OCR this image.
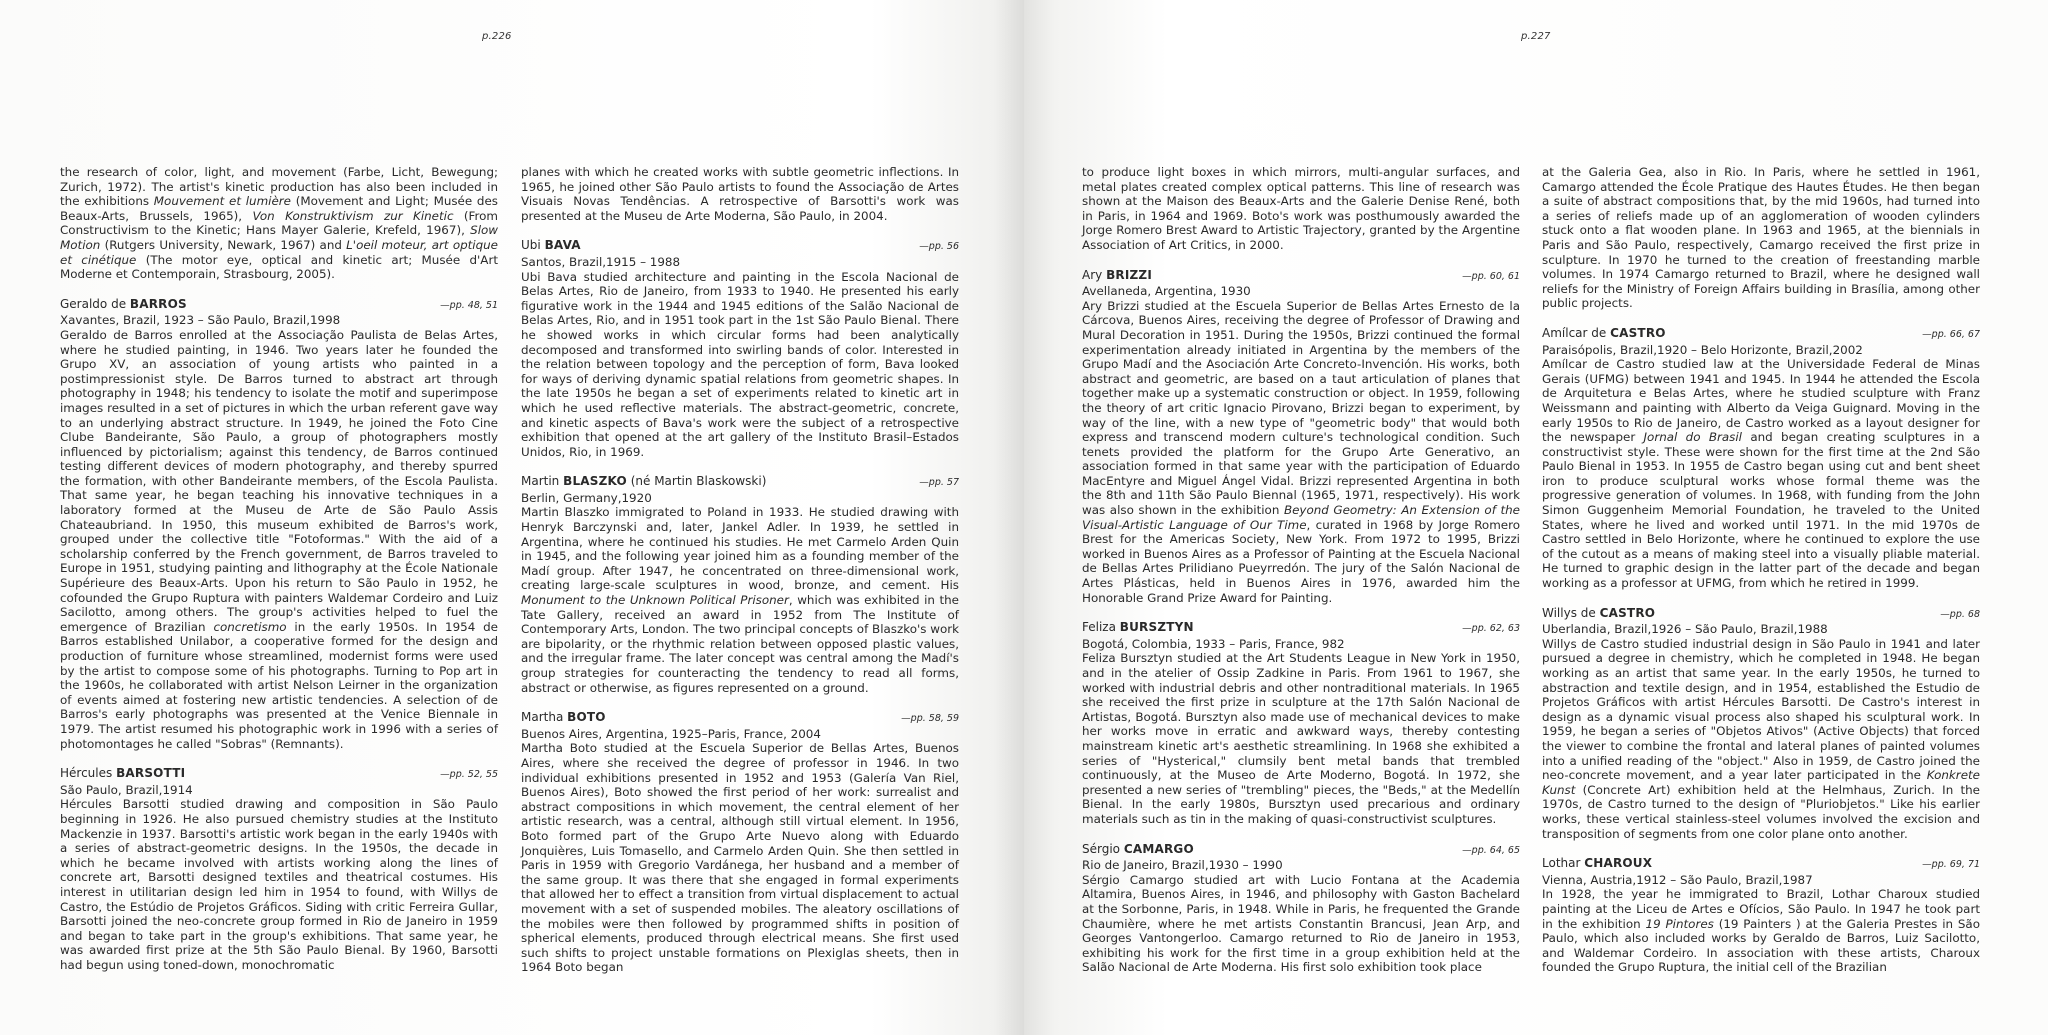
p.226

the research of color, light, and movement (Farbe, Licht, Bewegung; Zurich, 1972). The artist's kinetic production has also been included in the exhibitions Mouvement et lumière (Movement and Light; Musée des Beaux-Arts, Brussels, 1965), Von Konstruktivism zur Kinetic (From Constructivism to the Kinetic; Hans Mayer Galerie, Krefeld, 1967), Slow Motion (Rutgers University, Newark, 1967) and L'oeil moteur, art optique et cinétique (The motor eye, optical and kinetic art; Musée d'Art Moderne et Contemporain, Strasbourg, 2005).

Geraldo de BARROS	—pp. 48, 51

Xavantes, Brazil, 1923 – São Paulo, Brazil,1998

Geraldo de Barros enrolled at the Associação Paulista de Belas Artes, where he studied painting, in 1946. Two years later he founded the Grupo XV, an association of young artists who painted in a postimpressionist style. De Barros turned to abstract art through photography in 1948; his tendency to isolate the motif and superimpose images resulted in a set of pictures in which the urban referent gave way to an underlying abstract structure. In 1949, he joined the Foto Cine Clube Bandeirante, São Paulo, a group of photographers mostly influenced by pictorialism; against this tendency, de Barros continued testing different devices of modern photography, and thereby spurred the formation, with other Bandeirante members, of the Escola Paulista. That same year, he began teaching his innovative techniques in a laboratory formed at the Museu de Arte de São Paulo Assis Chateaubriand. In 1950, this museum exhibited de Barros's work, grouped under the collective title "Fotoformas." With the aid of a scholarship conferred by the French government, de Barros traveled to Europe in 1951, studying painting and lithography at the École Nationale Supérieure des Beaux-Arts. Upon his return to São Paulo in 1952, he cofounded the Grupo Ruptura with painters Waldemar Cordeiro and Luiz Sacilotto, among others. The group's activities helped to fuel the emergence of Brazilian concretismo in the early 1950s. In 1954 de Barros established Unilabor, a cooperative formed for the design and production of furniture whose streamlined, modernist forms were used by the artist to compose some of his photographs. Turning to Pop art in the 1960s, he collaborated with artist Nelson Leirner in the organization of events aimed at fostering new artistic tendencies. A selection of de Barros's early photographs was presented at the Venice Biennale in 1979. The artist resumed his photographic work in 1996 with a series of photomontages he called "Sobras" (Remnants).

Hércules BARSOTTI	—pp. 52, 55

São Paulo, Brazil,1914

Hércules Barsotti studied drawing and composition in São Paulo beginning in 1926. He also pursued chemistry studies at the Instituto Mackenzie in 1937. Barsotti's artistic work began in the early 1940s with a series of abstract-geometric designs. In the 1950s, the decade in which he became involved with artists working along the lines of concrete art, Barsotti designed textiles and theatrical costumes. His interest in utilitarian design led him in 1954 to found, with Willys de Castro, the Estúdio de Projetos Gráficos. Siding with critic Ferreira Gullar, Barsotti joined the neo-concrete group formed in Rio de Janeiro in 1959 and began to take part in the group's exhibitions. That same year, he was awarded first prize at the 5th São Paulo Bienal. By 1960, Barsotti had begun using toned-down, monochromatic

planes with which he created works with subtle geometric inflections. In 1965, he joined other São Paulo artists to found the Associação de Artes Visuais Novas Tendências. A retrospective of Barsotti's work was presented at the Museu de Arte Moderna, São Paulo, in 2004.

Ubi BAVA	—pp. 56

Santos, Brazil,1915 – 1988

Ubi Bava studied architecture and painting in the Escola Nacional de Belas Artes, Rio de Janeiro, from 1933 to 1940. He presented his early figurative work in the 1944 and 1945 editions of the Salão Nacional de Belas Artes, Rio, and in 1951 took part in the 1st São Paulo Bienal. There he showed works in which circular forms had been analytically decomposed and transformed into swirling bands of color. Interested in the relation between topology and the perception of form, Bava looked for ways of deriving dynamic spatial relations from geometric shapes. In the late 1950s he began a set of experiments related to kinetic art in which he used reflective materials. The abstract-geometric, concrete, and kinetic aspects of Bava's work were the subject of a retrospective exhibition that opened at the art gallery of the Instituto Brasil–Estados Unidos, Rio, in 1969.

Martin BLASZKO (né Martin Blaskowski)	—pp. 57

Berlin, Germany,1920

Martin Blaszko immigrated to Poland in 1933. He studied drawing with Henryk Barczynski and, later, Jankel Adler. In 1939, he settled in Argentina, where he continued his studies. He met Carmelo Arden Quin in 1945, and the following year joined him as a founding member of the Madí group. After 1947, he concentrated on three-dimensional work, creating large-scale sculptures in wood, bronze, and cement. His Monument to the Unknown Political Prisoner, which was exhibited in the Tate Gallery, received an award in 1952 from The Institute of Contemporary Arts, London. The two principal concepts of Blaszko's work are bipolarity, or the rhythmic relation between opposed plastic values, and the irregular frame. The later concept was central among the Madí's group strategies for counteracting the tendency to read all forms, abstract or otherwise, as figures represented on a ground.

Martha BOTO	—pp. 58, 59

Buenos Aires, Argentina, 1925–Paris, France, 2004

Martha Boto studied at the Escuela Superior de Bellas Artes, Buenos Aires, where she received the degree of professor in 1946. In two individual exhibitions presented in 1952 and 1953 (Galería Van Riel, Buenos Aires), Boto showed the first period of her work: surrealist and abstract compositions in which movement, the central element of her artistic research, was a central, although still virtual element. In 1956, Boto formed part of the Grupo Arte Nuevo along with Eduardo Jonquières, Luis Tomasello, and Carmelo Arden Quin. She then settled in Paris in 1959 with Gregorio Vardánega, her husband and a member of the same group. It was there that she engaged in formal experiments that allowed her to effect a transition from virtual displacement to actual movement with a set of suspended mobiles. The aleatory oscillations of the mobiles were then followed by programmed shifts in position of spherical elements, produced through electrical means. She first used such shifts to project unstable formations on Plexiglas sheets, then in 1964 Boto began

p.227

to produce light boxes in which mirrors, multi-angular surfaces, and metal plates created complex optical patterns. This line of research was shown at the Maison des Beaux-Arts and the Galerie Denise René, both in Paris, in 1964 and 1969. Boto's work was posthumously awarded the Jorge Romero Brest Award to Artistic Trajectory, granted by the Argentine Association of Art Critics, in 2000.

Ary BRIZZI	—pp. 60, 61

Avellaneda, Argentina, 1930

Ary Brizzi studied at the Escuela Superior de Bellas Artes Ernesto de la Cárcova, Buenos Aires, receiving the degree of Professor of Drawing and Mural Decoration in 1951. During the 1950s, Brizzi continued the formal experimentation already initiated in Argentina by the members of the Grupo Madí and the Asociación Arte Concreto-Invención. His works, both abstract and geometric, are based on a taut articulation of planes that together make up a systematic construction or object. In 1959, following the theory of art critic Ignacio Pirovano, Brizzi began to experiment, by way of the line, with a new type of "geometric body" that would both express and transcend modern culture's technological condition. Such tenets provided the platform for the Grupo Arte Generativo, an association formed in that same year with the participation of Eduardo MacEntyre and Miguel Ángel Vidal. Brizzi represented Argentina in both the 8th and 11th São Paulo Biennal (1965, 1971, respectively). His work was also shown in the exhibition Beyond Geometry: An Extension of the Visual-Artistic Language of Our Time, curated in 1968 by Jorge Romero Brest for the Americas Society, New York. From 1972 to 1995, Brizzi worked in Buenos Aires as a Professor of Painting at the Escuela Nacional de Bellas Artes Prilidiano Pueyrredón. The jury of the Salón Nacional de Artes Plásticas, held in Buenos Aires in 1976, awarded him the Honorable Grand Prize Award for Painting.

Feliza BURSZTYN	—pp. 62, 63

Bogotá, Colombia, 1933 – Paris, France, 982

Feliza Bursztyn studied at the Art Students League in New York in 1950, and in the atelier of Ossip Zadkine in Paris. From 1961 to 1967, she worked with industrial debris and other nontraditional materials. In 1965 she received the first prize in sculpture at the 17th Salón Nacional de Artistas, Bogotá. Bursztyn also made use of mechanical devices to make her works move in erratic and awkward ways, thereby contesting mainstream kinetic art's aesthetic streamlining. In 1968 she exhibited a series of "Hysterical," clumsily bent metal bands that trembled continuously, at the Museo de Arte Moderno, Bogotá. In 1972, she presented a new series of "trembling" pieces, the "Beds," at the Medellín Bienal. In the early 1980s, Bursztyn used precarious and ordinary materials such as tin in the making of quasi-constructivist sculptures.

Sérgio CAMARGO	—pp. 64, 65

Rio de Janeiro, Brazil,1930 – 1990

Sérgio Camargo studied art with Lucio Fontana at the Academia Altamira, Buenos Aires, in 1946, and philosophy with Gaston Bachelard at the Sorbonne, Paris, in 1948. While in Paris, he frequented the Grande Chaumière, where he met artists Constantin Brancusi, Jean Arp, and Georges Vantongerloo. Camargo returned to Rio de Janeiro in 1953, exhibiting his work for the first time in a group exhibition held at the Salão Nacional de Arte Moderna. His first solo exhibition took place

at the Galeria Gea, also in Rio. In Paris, where he settled in 1961, Camargo attended the École Pratique des Hautes Études. He then began a suite of abstract compositions that, by the mid 1960s, had turned into a series of reliefs made up of an agglomeration of wooden cylinders stuck onto a flat wooden plane. In 1963 and 1965, at the biennials in Paris and São Paulo, respectively, Camargo received the first prize in sculpture. In 1970 he turned to the creation of freestanding marble volumes. In 1974 Camargo returned to Brazil, where he designed wall reliefs for the Ministry of Foreign Affairs building in Brasília, among other public projects.

Amílcar de CASTRO	—pp. 66, 67

Paraisópolis, Brazil,1920 – Belo Horizonte, Brazil,2002

Amílcar de Castro studied law at the Universidade Federal de Minas Gerais (UFMG) between 1941 and 1945. In 1944 he attended the Escola de Arquitetura e Belas Artes, where he studied sculpture with Franz Weissmann and painting with Alberto da Veiga Guignard. Moving in the early 1950s to Rio de Janeiro, de Castro worked as a layout designer for the newspaper Jornal do Brasil and began creating sculptures in a constructivist style. These were shown for the first time at the 2nd São Paulo Bienal in 1953. In 1955 de Castro began using cut and bent sheet iron to produce sculptural works whose formal theme was the progressive generation of volumes. In 1968, with funding from the John Simon Guggenheim Memorial Foundation, he traveled to the United States, where he lived and worked until 1971. In the mid 1970s de Castro settled in Belo Horizonte, where he continued to explore the use of the cutout as a means of making steel into a visually pliable material. He turned to graphic design in the latter part of the decade and began working as a professor at UFMG, from which he retired in 1999.

Willys de CASTRO	—pp. 68

Uberlandia, Brazil,1926 – São Paulo, Brazil,1988

Willys de Castro studied industrial design in São Paulo in 1941 and later pursued a degree in chemistry, which he completed in 1948. He began working as an artist that same year. In the early 1950s, he turned to abstraction and textile design, and in 1954, established the Estudio de Projetos Gráficos with artist Hércules Barsotti. De Castro's interest in design as a dynamic visual process also shaped his sculptural work. In 1959, he began a series of "Objetos Ativos" (Active Objects) that forced the viewer to combine the frontal and lateral planes of painted volumes into a unified reading of the "object." Also in 1959, de Castro joined the neo-concrete movement, and a year later participated in the Konkrete Kunst (Concrete Art) exhibition held at the Helmhaus, Zurich. In the 1970s, de Castro turned to the design of "Pluriobjetos." Like his earlier works, these vertical stainless-steel volumes involved the excision and transposition of segments from one color plane onto another.

Lothar CHAROUX	—pp. 69, 71

Vienna, Austria,1912 – São Paulo, Brazil,1987

In 1928, the year he immigrated to Brazil, Lothar Charoux studied painting at the Liceu de Artes e Ofícios, São Paulo. In 1947 he took part in the exhibition 19 Pintores (19 Painters ) at the Galeria Prestes in São Paulo, which also included works by Geraldo de Barros, Luiz Sacilotto, and Waldemar Cordeiro. In association with these artists, Charoux founded the Grupo Ruptura, the initial cell of the Brazilian
